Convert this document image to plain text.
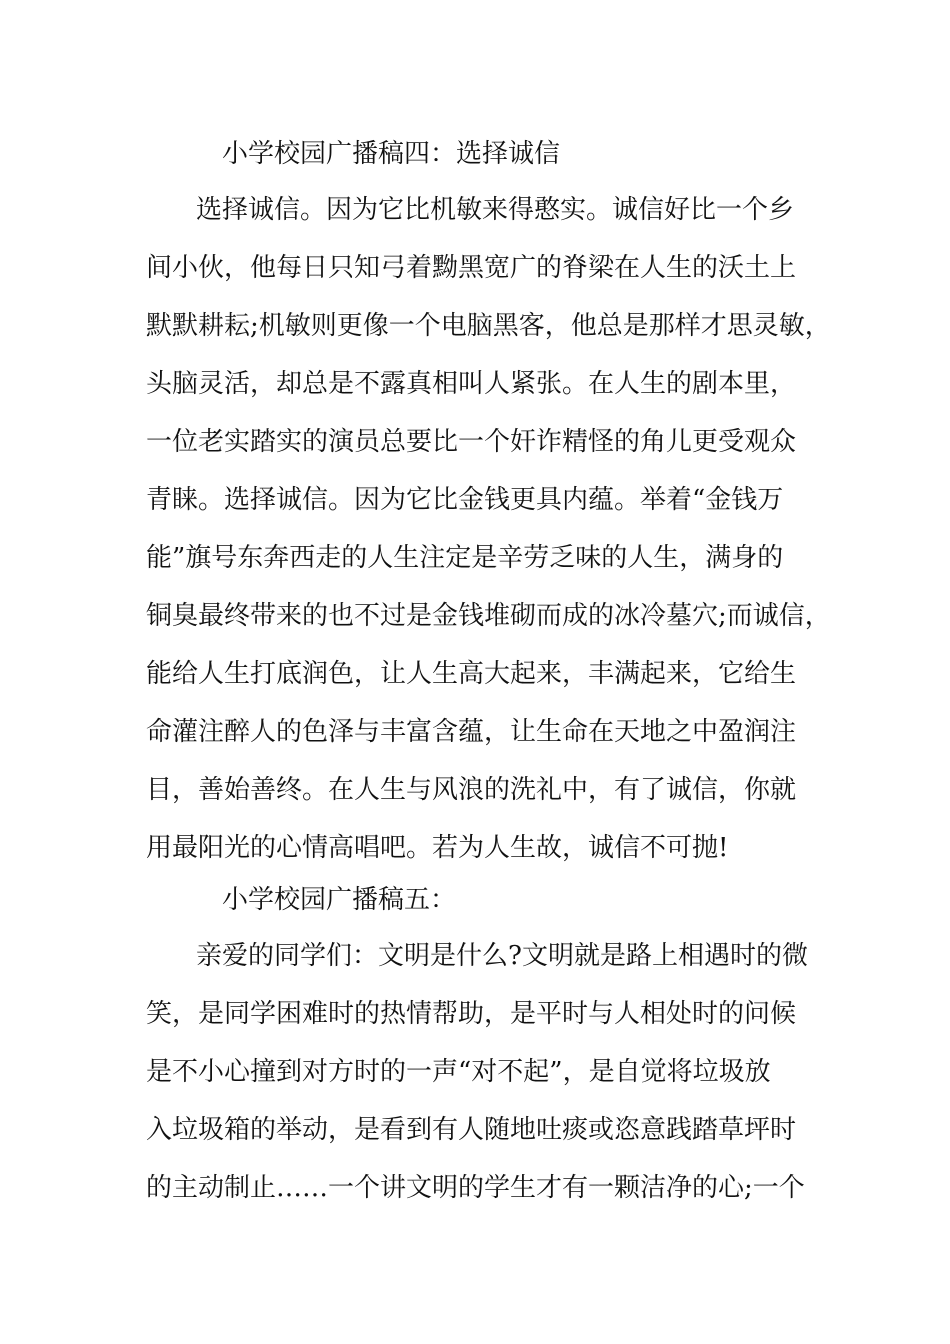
小学校园广播稿四：选择诚信
选择诚信。因为它比机敏来得憨实。诚信好比一个乡
间小伙，他每日只知弓着黝黑宽广的脊梁在人生的沃土上
默默耕耘;机敏则更像一个电脑黑客，他总是那样才思灵敏，
头脑灵活，却总是不露真相叫人紧张。在人生的剧本里，
一位老实踏实的演员总要比一个奸诈精怪的角儿更受观众
青睐。选择诚信。因为它比金钱更具内蕴。举着“金钱万
能”旗号东奔西走的人生注定是辛劳乏味的人生，满身的
铜臭最终带来的也不过是金钱堆砌而成的冰冷墓穴;而诚信，
能给人生打底润色，让人生高大起来，丰满起来，它给生
命灌注醉人的色泽与丰富含蕴，让生命在天地之中盈润注
目，善始善终。在人生与风浪的洗礼中，有了诚信，你就
用最阳光的心情高唱吧。若为人生故，诚信不可抛!
小学校园广播稿五：
亲爱的同学们：文明是什么?文明就是路上相遇时的微
笑，是同学困难时的热情帮助，是平时与人相处时的问候
是不小心撞到对方时的一声“对不起”，是自觉将垃圾放
入垃圾箱的举动，是看到有人随地吐痰或恣意践踏草坪时
的主动制止……一个讲文明的学生才有一颗洁净的心;一个
